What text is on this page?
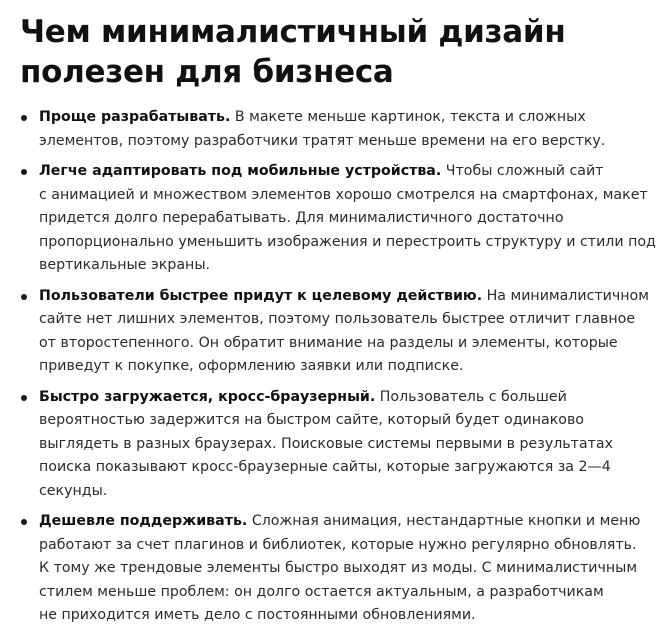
Чем минималистичный дизайн
полезен для бизнеса
Проще разрабатывать. В макете меньше картинок, текста и сложных
элементов, поэтому разработчики тратят меньше времени на его верстку.
Легче адаптировать под мобильные устройства. Чтобы сложный сайт
с анимацией и множеством элементов хорошо смотрелся на смартфонах, макет
придется долго перерабатывать. Для минималистичного достаточно
пропорционально уменьшить изображения и перестроить структуру и стили под
вертикальные экраны.
Пользователи быстрее придут к целевому действию. На минималистичном
сайте нет лишних элементов, поэтому пользователь быстрее отличит главное
от второстепенного. Он обратит внимание на разделы и элементы, которые
приведут к покупке, оформлению заявки или подписке.
Быстро загружается, кросс-браузерный. Пользователь с большей
вероятностью задержится на быстром сайте, который будет одинаково
выглядеть в разных браузерах. Поисковые системы первыми в результатах
поиска показывают кросс-браузерные сайты, которые загружаются за 2—4
секунды.
Дешевле поддерживать. Сложная анимация, нестандартные кнопки и меню
работают за счет плагинов и библиотек, которые нужно регулярно обновлять.
К тому же трендовые элементы быстро выходят из моды. С минималистичным
стилем меньше проблем: он долго остается актуальным, а разработчикам
не приходится иметь дело с постоянными обновлениями.
